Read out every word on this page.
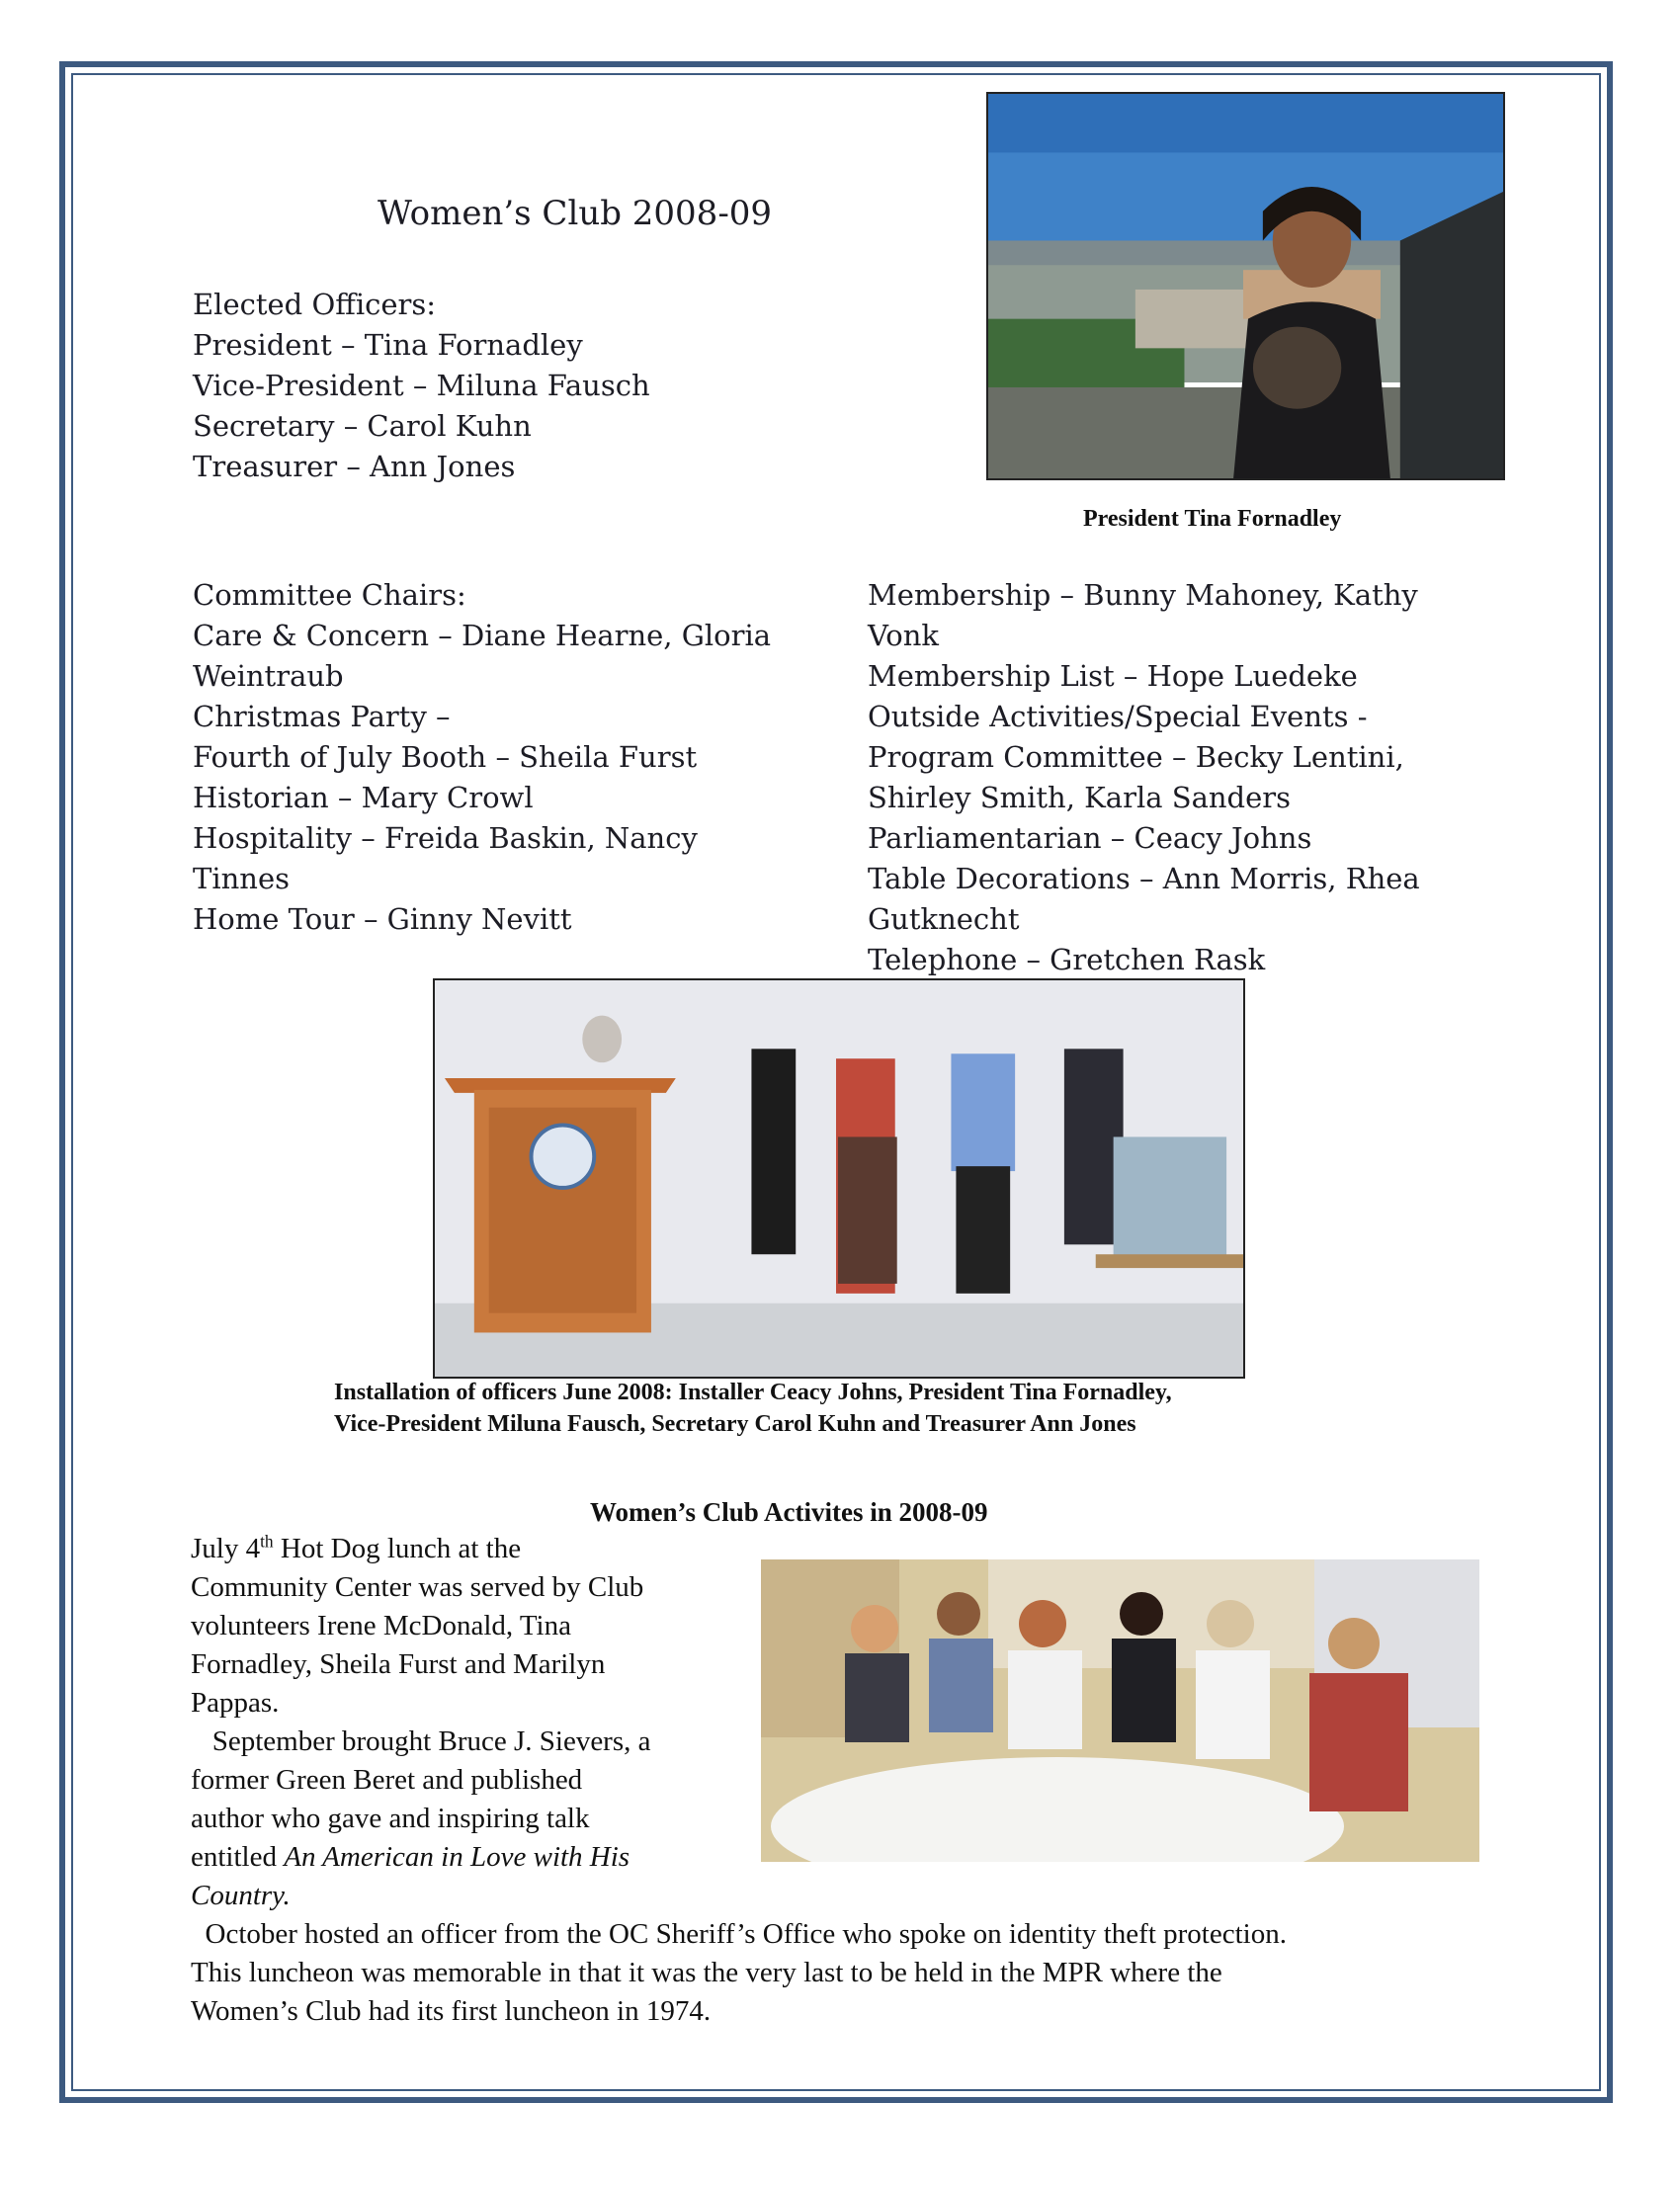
Women’s Club 2008-09
Elected Officers:
President – Tina Fornadley
Vice-President – Miluna Fausch
Secretary – Carol Kuhn
Treasurer – Ann Jones
President Tina Fornadley
Committee Chairs:
Care & Concern – Diane Hearne, Gloria
Weintraub
Christmas Party –
Fourth of July Booth – Sheila Furst
Historian – Mary Crowl
Hospitality – Freida Baskin, Nancy
Tinnes
Home Tour – Ginny Nevitt
Membership – Bunny Mahoney, Kathy
Vonk
Membership List – Hope Luedeke
Outside Activities/Special Events -
Program Committee – Becky Lentini,
Shirley Smith, Karla Sanders
Parliamentarian – Ceacy Johns
Table Decorations – Ann Morris, Rhea
Gutknecht
Telephone – Gretchen Rask
Installation of officers June 2008: Installer Ceacy Johns, President Tina Fornadley,
Vice-President Miluna Fausch, Secretary Carol Kuhn and Treasurer Ann Jones
Women’s Club Activites in 2008-09
July 4th Hot Dog lunch at the
Community Center was served by Club
volunteers Irene McDonald, Tina
Fornadley, Sheila Furst and Marilyn
Pappas.
September brought Bruce J. Sievers, a
former Green Beret and published
author who gave and inspiring talk
entitled An American in Love with His
Country.
October hosted an officer from the OC Sheriff’s Office who spoke on identity theft protection.
This luncheon was memorable in that it was the very last to be held in the MPR where the
Women’s Club had its first luncheon in 1974.
